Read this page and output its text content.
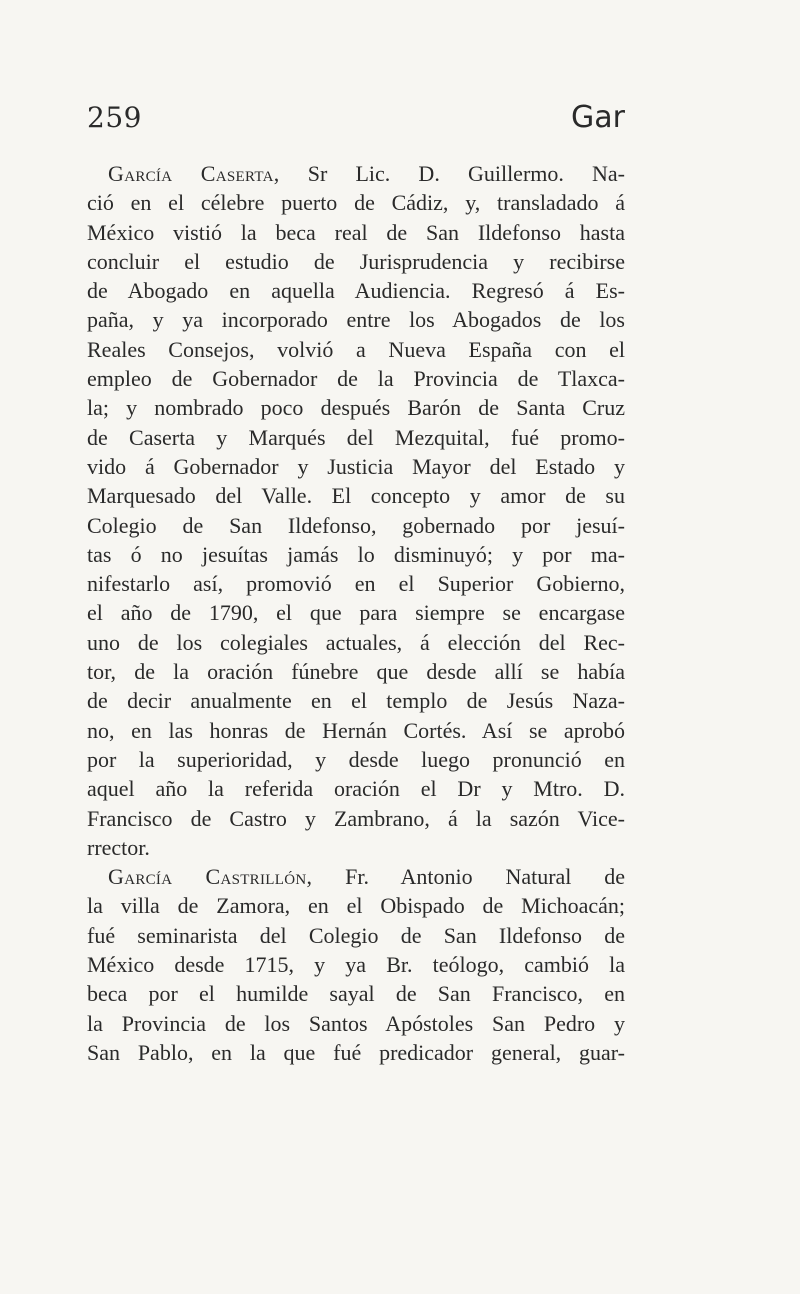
259	Gar
García Caserta, Sr Lic. D. Guillermo. Na-
ció en el célebre puerto de Cádiz, y, transladado á
México vistió la beca real de San Ildefonso hasta
concluir el estudio de Jurisprudencia y recibirse
de Abogado en aquella Audiencia. Regresó á Es-
paña, y ya incorporado entre los Abogados de los
Reales Consejos, volvió a Nueva España con el
empleo de Gobernador de la Provincia de Tlaxca-
la; y nombrado poco después Barón de Santa Cruz
de Caserta y Marqués del Mezquital, fué promo-
vido á Gobernador y Justicia Mayor del Estado y
Marquesado del Valle. El concepto y amor de su
Colegio de San Ildefonso, gobernado por jesuí-
tas ó no jesuítas jamás lo disminuyó; y por ma-
nifestarlo así, promovió en el Superior Gobierno,
el año de 1790, el que para siempre se encargase
uno de los colegiales actuales, á elección del Rec-
tor, de la oración fúnebre que desde allí se había
de decir anualmente en el templo de Jesús Naza-
no, en las honras de Hernán Cortés. Así se aprobó
por la superioridad, y desde luego pronunció en
aquel año la referida oración el Dr y Mtro. D.
Francisco de Castro y Zambrano, á la sazón Vice-
rrector.
García Castrillón, Fr. Antonio Natural de
la villa de Zamora, en el Obispado de Michoacán;
fué seminarista del Colegio de San Ildefonso de
México desde 1715, y ya Br. teólogo, cambió la
beca por el humilde sayal de San Francisco, en
la Provincia de los Santos Apóstoles San Pedro y
San Pablo, en la que fué predicador general, guar-
